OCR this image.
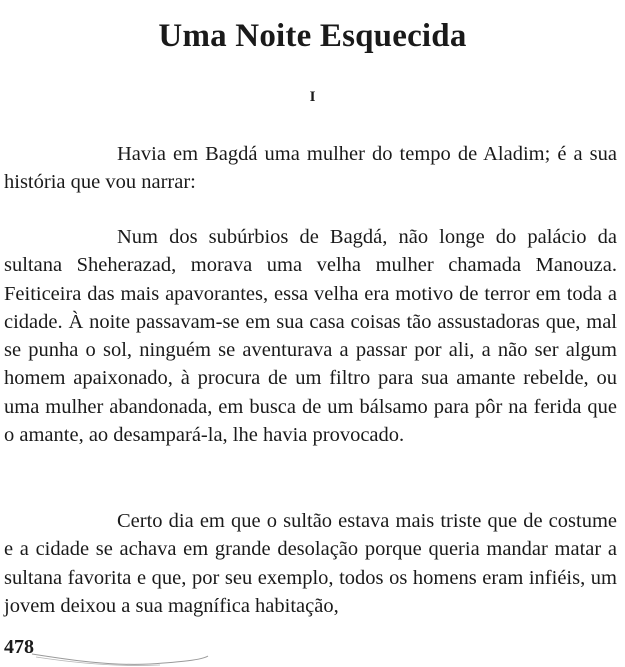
Uma Noite Esquecida
I

Havia em Bagdá uma mulher do tempo de Aladim; é a sua história que vou narrar:

Num dos subúrbios de Bagdá, não longe do palácio da sultana Sheherazad, morava uma velha mulher chamada Manouza. Feiticeira das mais apavorantes, essa velha era motivo de terror em toda a cidade. À noite passavam-se em sua casa coisas tão assustadoras que, mal se punha o sol, ninguém se aventurava a passar por ali, a não ser algum homem apaixonado, à procura de um filtro para sua amante rebelde, ou uma mulher abandonada, em busca de um bálsamo para pôr na ferida que o amante, ao desampará-la, lhe havia provocado.

Certo dia em que o sultão estava mais triste que de costume e a cidade se achava em grande desolação porque queria mandar matar a sultana favorita e que, por seu exemplo, todos os homens eram infiéis, um jovem deixou a sua magnífica habitação,

478
